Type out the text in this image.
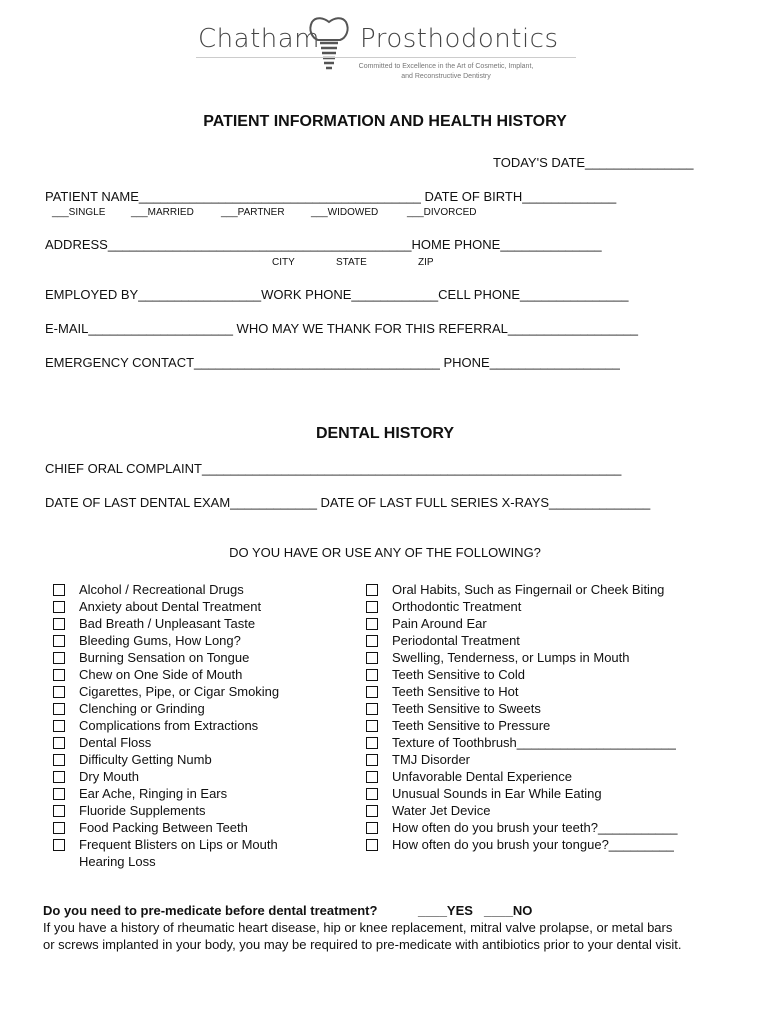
Chatham Prosthodontics
Committed to Excellence in the Art of Cosmetic, Implant, and Reconstructive Dentistry
PATIENT INFORMATION AND HEALTH HISTORY
TODAY'S DATE_______________
PATIENT NAME_______________________________________ DATE OF BIRTH_____________
___SINGLE	___MARRIED	___PARTNER	___WIDOWED	___DIVORCED
ADDRESS__________________________________________HOME PHONE______________
CITY	STATE	ZIP
EMPLOYED BY_________________WORK PHONE____________CELL PHONE_______________
E-MAIL____________________ WHO MAY WE THANK FOR THIS REFERRAL__________________
EMERGENCY CONTACT__________________________________ PHONE__________________
DENTAL HISTORY
CHIEF ORAL COMPLAINT__________________________________________________________
DATE OF LAST DENTAL EXAM____________ DATE OF LAST FULL SERIES X-RAYS______________
DO YOU HAVE OR USE ANY OF THE FOLLOWING?
Alcohol / Recreational Drugs
Anxiety about Dental Treatment
Bad Breath / Unpleasant Taste
Bleeding Gums, How Long?
Burning Sensation on Tongue
Chew on One Side of Mouth
Cigarettes, Pipe, or Cigar Smoking
Clenching or Grinding
Complications from Extractions
Dental Floss
Difficulty Getting Numb
Dry Mouth
Ear Ache, Ringing in Ears
Fluoride Supplements
Food Packing Between Teeth
Frequent Blisters on Lips or Mouth
Hearing Loss
Oral Habits, Such as Fingernail or Cheek Biting
Orthodontic Treatment
Pain Around Ear
Periodontal Treatment
Swelling, Tenderness, or Lumps in Mouth
Teeth Sensitive to Cold
Teeth Sensitive to Hot
Teeth Sensitive to Sweets
Teeth Sensitive to Pressure
Texture of Toothbrush______________________
TMJ Disorder
Unfavorable Dental Experience
Unusual Sounds in Ear While Eating
Water Jet Device
How often do you brush your teeth?___________
How often do you brush your tongue?_________
Do you need to pre-medicate before dental treatment?	____YES ____NO
If you have a history of rheumatic heart disease, hip or knee replacement, mitral valve prolapse, or metal bars
or screws implanted in your body, you may be required to pre-medicate with antibiotics prior to your dental visit.
